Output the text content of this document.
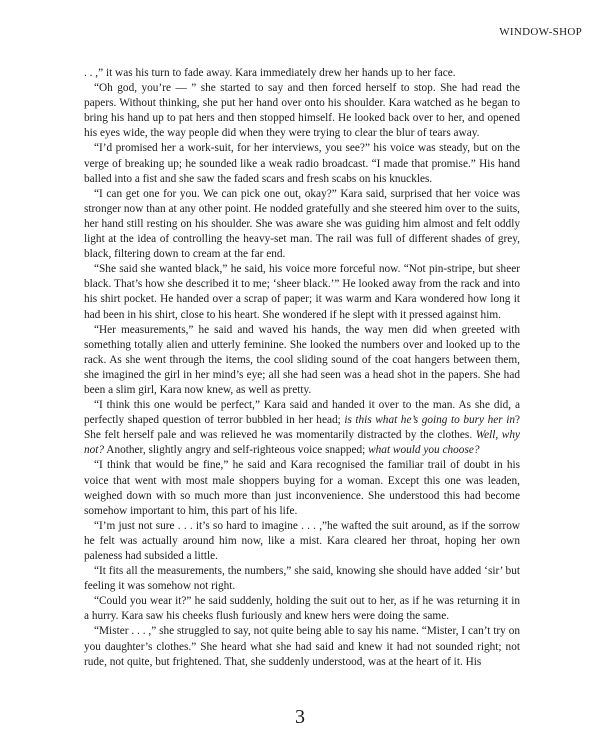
WINDOW-SHOP

. . ,” it was his turn to fade away. Kara immediately drew her hands up to her face.

“Oh god, you’re — ” she started to say and then forced herself to stop. She had read the papers. Without thinking, she put her hand over onto his shoulder. Kara watched as he began to bring his hand up to pat hers and then stopped himself. He looked back over to her, and opened his eyes wide, the way people did when they were trying to clear the blur of tears away.

“I’d promised her a work-suit, for her interviews, you see?” his voice was steady, but on the verge of breaking up; he sounded like a weak radio broadcast. “I made that promise.” His hand balled into a fist and she saw the faded scars and fresh scabs on his knuckles.

“I can get one for you. We can pick one out, okay?” Kara said, surprised that her voice was stronger now than at any other point. He nodded gratefully and she steered him over to the suits, her hand still resting on his shoulder. She was aware she was guiding him almost and felt oddly light at the idea of controlling the heavy-set man. The rail was full of different shades of grey, black, filtering down to cream at the far end.

“She said she wanted black,” he said, his voice more forceful now. “Not pin-stripe, but sheer black. That’s how she described it to me; ‘sheer black.’” He looked away from the rack and into his shirt pocket. He handed over a scrap of paper; it was warm and Kara wondered how long it had been in his shirt, close to his heart. She wondered if he slept with it pressed against him.

“Her measurements,” he said and waved his hands, the way men did when greeted with something totally alien and utterly feminine. She looked the numbers over and looked up to the rack. As she went through the items, the cool sliding sound of the coat hangers between them, she imagined the girl in her mind’s eye; all she had seen was a head shot in the papers. She had been a slim girl, Kara now knew, as well as pretty.

“I think this one would be perfect,” Kara said and handed it over to the man. As she did, a perfectly shaped question of terror bubbled in her head; is this what he’s going to bury her in? She felt herself pale and was relieved he was momentarily distracted by the clothes. Well, why not? Another, slightly angry and self-righteous voice snapped; what would you choose?

“I think that would be fine,” he said and Kara recognised the familiar trail of doubt in his voice that went with most male shoppers buying for a woman. Except this one was leaden, weighed down with so much more than just inconvenience. She understood this had become somehow important to him, this part of his life.

“I’m just not sure . . . it’s so hard to imagine . . . ,”he wafted the suit around, as if the sorrow he felt was actually around him now, like a mist. Kara cleared her throat, hoping her own paleness had subsided a little.

“It fits all the measurements, the numbers,” she said, knowing she should have added ‘sir’ but feeling it was somehow not right.

“Could you wear it?” he said suddenly, holding the suit out to her, as if he was returning it in a hurry. Kara saw his cheeks flush furiously and knew hers were doing the same.

“Mister . . . ,” she struggled to say, not quite being able to say his name. “Mister, I can’t try on you daughter’s clothes.” She heard what she had said and knew it had not sounded right; not rude, not quite, but frightened. That, she suddenly understood, was at the heart of it. His

3
